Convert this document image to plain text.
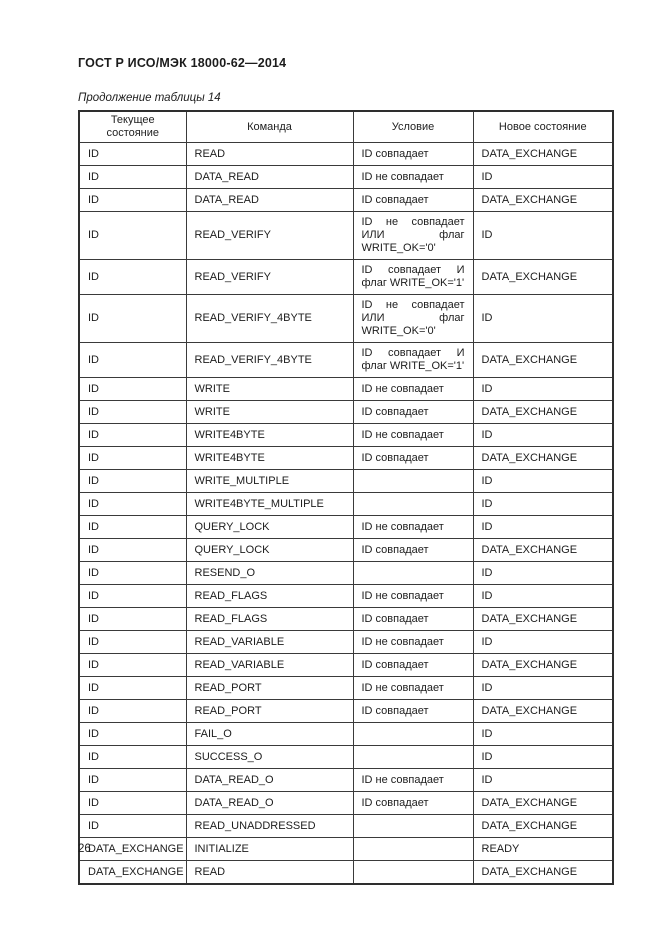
ГОСТ Р ИСО/МЭК 18000-62—2014
Продолжение таблицы 14
Текущее состояние	Команда	Условие	Новое состояние
ID	READ	ID совпадает	DATA_EXCHANGE
ID	DATA_READ	ID не совпадает	ID
ID	DATA_READ	ID совпадает	DATA_EXCHANGE
ID	READ_VERIFY	ID не совпадает ИЛИ флаг WRITE_OK='0'	ID
ID	READ_VERIFY	ID совпадает И флаг WRITE_OK='1'	DATA_EXCHANGE
ID	READ_VERIFY_4BYTE	ID не совпадает ИЛИ флаг WRITE_OK='0'	ID
ID	READ_VERIFY_4BYTE	ID совпадает И флаг WRITE_OK='1'	DATA_EXCHANGE
ID	WRITE	ID не совпадает	ID
ID	WRITE	ID совпадает	DATA_EXCHANGE
ID	WRITE4BYTE	ID не совпадает	ID
ID	WRITE4BYTE	ID совпадает	DATA_EXCHANGE
ID	WRITE_MULTIPLE		ID
ID	WRITE4BYTE_MULTIPLE		ID
ID	QUERY_LOCK	ID не совпадает	ID
ID	QUERY_LOCK	ID совпадает	DATA_EXCHANGE
ID	RESEND_O		ID
ID	READ_FLAGS	ID не совпадает	ID
ID	READ_FLAGS	ID совпадает	DATA_EXCHANGE
ID	READ_VARIABLE	ID не совпадает	ID
ID	READ_VARIABLE	ID совпадает	DATA_EXCHANGE
ID	READ_PORT	ID не совпадает	ID
ID	READ_PORT	ID совпадает	DATA_EXCHANGE
ID	FAIL_O		ID
ID	SUCCESS_O		ID
ID	DATA_READ_O	ID не совпадает	ID
ID	DATA_READ_O	ID совпадает	DATA_EXCHANGE
ID	READ_UNADDRESSED		DATA_EXCHANGE
DATA_EXCHANGE	INITIALIZE		READY
DATA_EXCHANGE	READ		DATA_EXCHANGE
26
